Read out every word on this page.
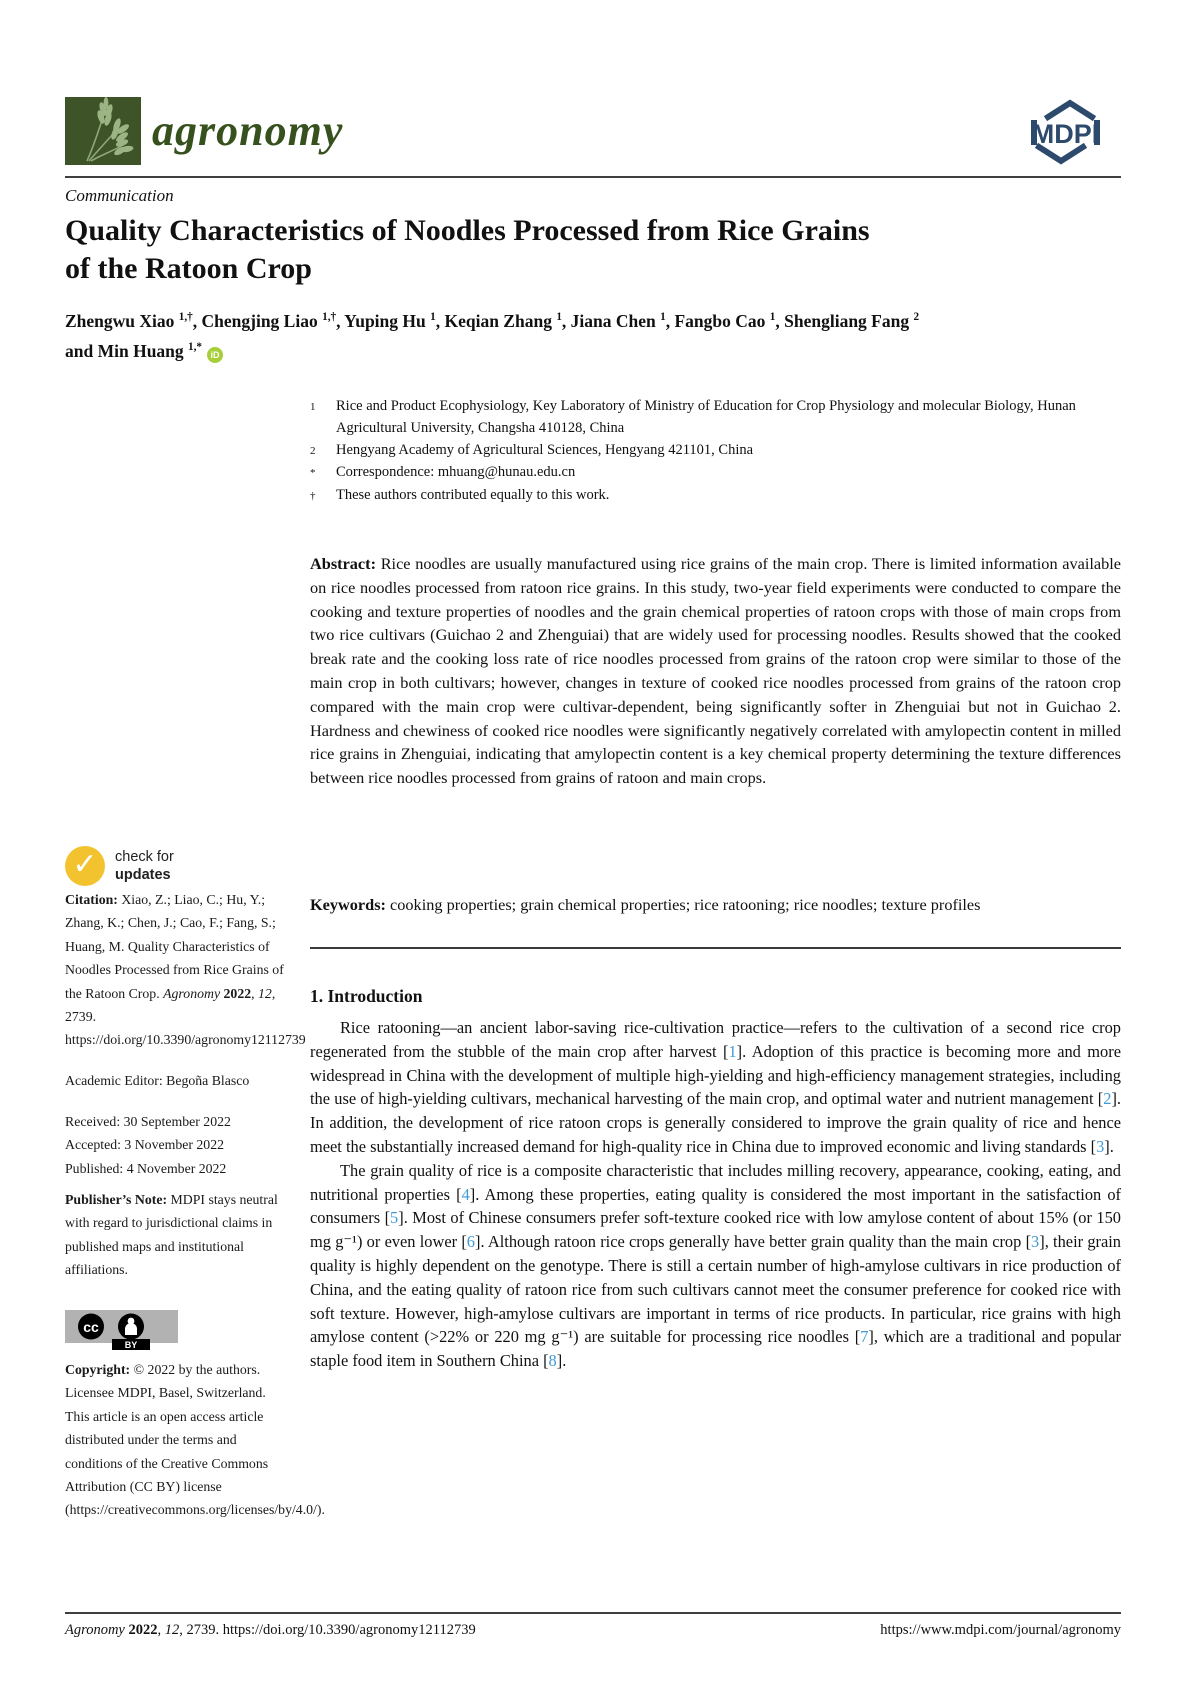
agronomy	MDPI
Communication
Quality Characteristics of Noodles Processed from Rice Grains
of the Ratoon Crop
Zhengwu Xiao $^{1,\dagger}$, Chengjing Liao $^{1,\dagger}$, Yuping Hu $^1$, Keqian Zhang $^1$, Jiana Chen $^1$, Fangbo Cao $^1$, Shengliang Fang $^2$
and Min Huang $^{1,*}$iD
1	Rice and Product Ecophysiology, Key Laboratory of Ministry of Education for Crop Physiology and molecular Biology, Hunan Agricultural University, Changsha 410128, China
2	Hengyang Academy of Agricultural Sciences, Hengyang 421101, China
*	Correspondence: mhuang@hunau.edu.cn
†	These authors contributed equally to this work.
Abstract: Rice noodles are usually manufactured using rice grains of the main crop. There is limited information available on rice noodles processed from ratoon rice grains. In this study, two-year field experiments were conducted to compare the cooking and texture properties of noodles and the grain chemical properties of ratoon crops with those of main crops from two rice cultivars (Guichao 2 and Zhenguiai) that are widely used for processing noodles. Results showed that the cooked break rate and the cooking loss rate of rice noodles processed from grains of the ratoon crop were similar to those of the main crop in both cultivars; however, changes in texture of cooked rice noodles processed from grains of the ratoon crop compared with the main crop were cultivar-dependent, being significantly softer in Zhenguiai but not in Guichao 2. Hardness and chewiness of cooked rice noodles were significantly negatively correlated with amylopectin content in milled rice grains in Zhenguiai, indicating that amylopectin content is a key chemical property determining the texture differences between rice noodles processed from grains of ratoon and main crops.
Keywords: cooking properties; grain chemical properties; rice ratooning; rice noodles; texture profiles
✓	check for
updates
Citation: Xiao, Z.; Liao, C.; Hu, Y.; Zhang, K.; Chen, J.; Cao, F.; Fang, S.; Huang, M. Quality Characteristics of Noodles Processed from Rice Grains of the Ratoon Crop. Agronomy 2022, 12, 2739. https://doi.org/10.3390/agronomy12112739
Academic Editor: Begoña Blasco
Received: 30 September 2022
Accepted: 3 November 2022
Published: 4 November 2022
Publisher’s Note: MDPI stays neutral with regard to jurisdictional claims in published maps and institutional affiliations.
cc
BY
Copyright: © 2022 by the authors. Licensee MDPI, Basel, Switzerland. This article is an open access article distributed under the terms and conditions of the Creative Commons Attribution (CC BY) license (https://creativecommons.org/licenses/by/4.0/).
1. Introduction

Rice ratooning—an ancient labor-saving rice-cultivation practice—refers to the cultivation of a second rice crop regenerated from the stubble of the main crop after harvest [1]. Adoption of this practice is becoming more and more widespread in China with the development of multiple high-yielding and high-efficiency management strategies, including the use of high-yielding cultivars, mechanical harvesting of the main crop, and optimal water and nutrient management [2]. In addition, the development of rice ratoon crops is generally considered to improve the grain quality of rice and hence meet the substantially increased demand for high-quality rice in China due to improved economic and living standards [3].

The grain quality of rice is a composite characteristic that includes milling recovery, appearance, cooking, eating, and nutritional properties [4]. Among these properties, eating quality is considered the most important in the satisfaction of consumers [5]. Most of Chinese consumers prefer soft-texture cooked rice with low amylose content of about 15% (or 150 mg g⁻¹) or even lower [6]. Although ratoon rice crops generally have better grain quality than the main crop [3], their grain quality is highly dependent on the genotype. There is still a certain number of high-amylose cultivars in rice production of China, and the eating quality of ratoon rice from such cultivars cannot meet the consumer preference for cooked rice with soft texture. However, high-amylose cultivars are important in terms of rice products. In particular, rice grains with high amylose content (>22% or 220 mg g⁻¹) are suitable for processing rice noodles [7], which are a traditional and popular staple food item in Southern China [8].

Agronomy 2022, 12, 2739. https://doi.org/10.3390/agronomy12112739	https://www.mdpi.com/journal/agronomy
